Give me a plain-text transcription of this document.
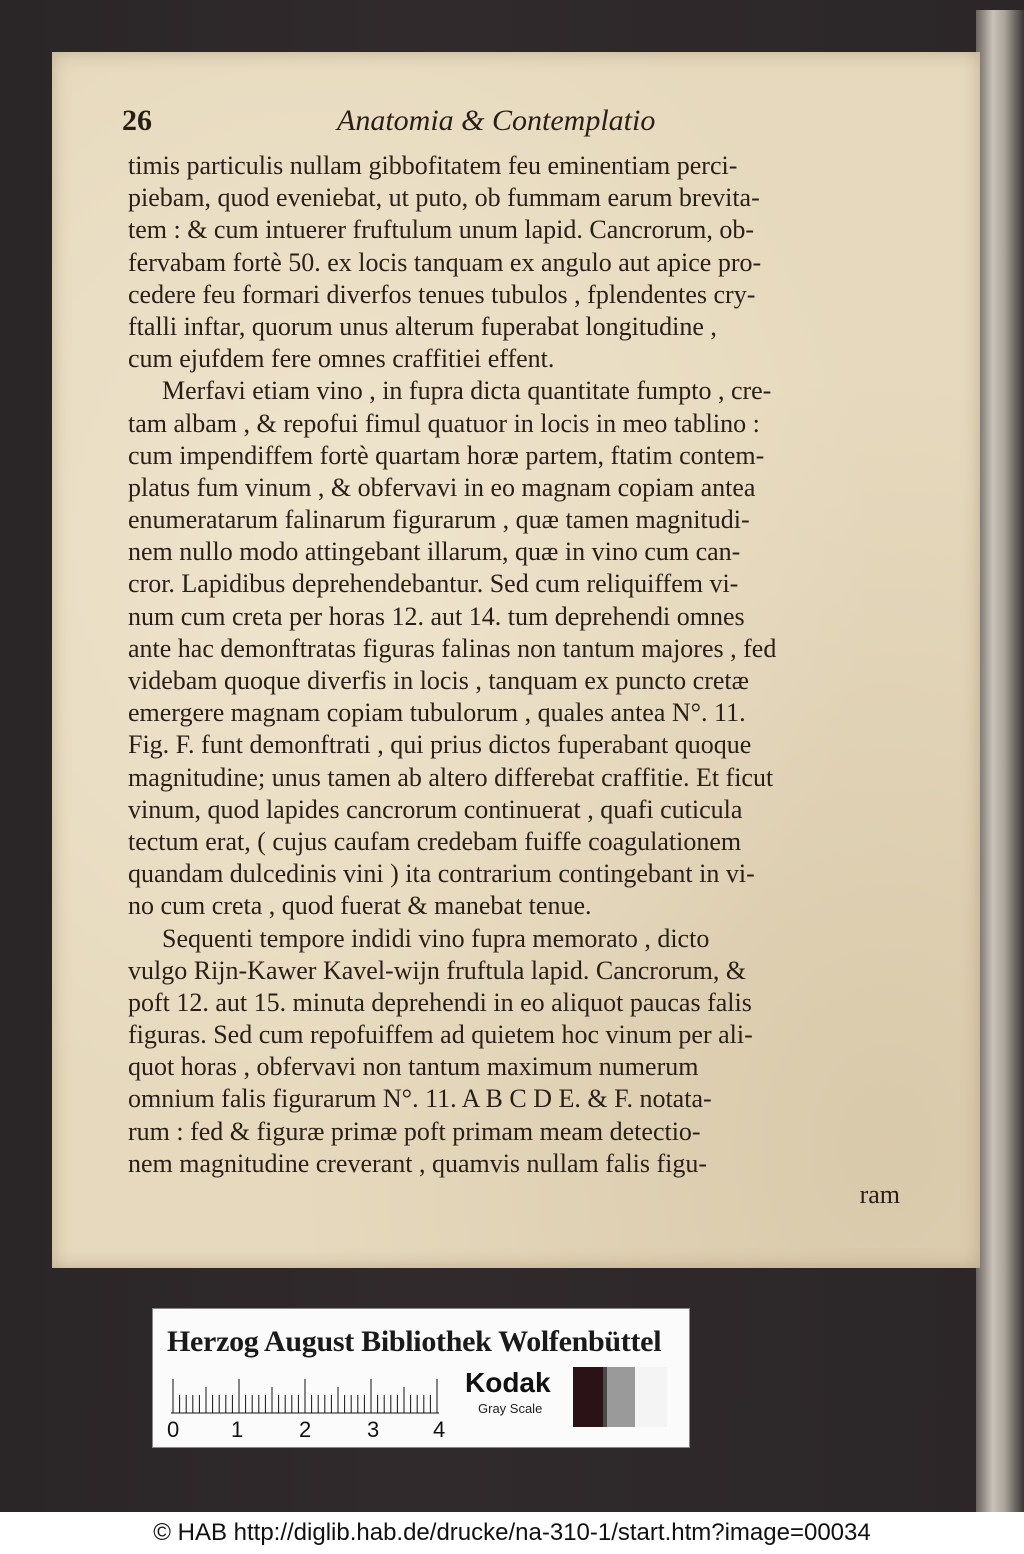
26	Anatomia & Contemplatio
timis particulis nullam gibbofitatem feu eminentiam perci-
piebam, quod eveniebat, ut puto, ob fummam earum brevita-
tem : & cum intuerer fruftulum unum lapid. Cancrorum, ob-
fervabam fortè 50. ex locis tanquam ex angulo aut apice pro-
cedere feu formari diverfos tenues tubulos , fplendentes cry-
ftalli inftar, quorum unus alterum fuperabat longitudine ,
cum ejufdem fere omnes craffitiei effent.
Merfavi etiam vino , in fupra dicta quantitate fumpto , cre-
tam albam , & repofui fimul quatuor in locis in meo tablino :
cum impendiffem fortè quartam horæ partem, ftatim contem-
platus fum vinum , & obfervavi in eo magnam copiam antea
enumeratarum falinarum figurarum , quæ tamen magnitudi-
nem nullo modo attingebant illarum, quæ in vino cum can-
cror. Lapidibus deprehendebantur. Sed cum reliquiffem vi-
num cum creta per horas 12. aut 14. tum deprehendi omnes
ante hac demonftratas figuras falinas non tantum majores , fed
videbam quoque diverfis in locis , tanquam ex puncto cretæ
emergere magnam copiam tubulorum , quales antea N°. 11.
Fig. F. funt demonftrati , qui prius dictos fuperabant quoque
magnitudine; unus tamen ab altero differebat craffitie. Et ficut
vinum, quod lapides cancrorum continuerat , quafi cuticula
tectum erat, ( cujus caufam credebam fuiffe coagulationem
quandam dulcedinis vini ) ita contrarium contingebant in vi-
no cum creta , quod fuerat & manebat tenue.
Sequenti tempore indidi vino fupra memorato , dicto
vulgo Rijn-Kawer Kavel-wijn fruftula lapid. Cancrorum, &
poft 12. aut 15. minuta deprehendi in eo aliquot paucas falis
figuras. Sed cum repofuiffem ad quietem hoc vinum per ali-
quot horas , obfervavi non tantum maximum numerum
omnium falis figurarum N°. 11. A B C D E. & F. notata-
rum : fed & figuræ primæ poft primam meam detectio-
nem magnitudine creverant , quamvis nullam falis figu-
ram
Herzog August Bibliothek Wolfenbüttel
0 1	2	3 4
Kodak
Gray Scale
© HAB http://diglib.hab.de/drucke/na-310-1/start.htm?image=00034
